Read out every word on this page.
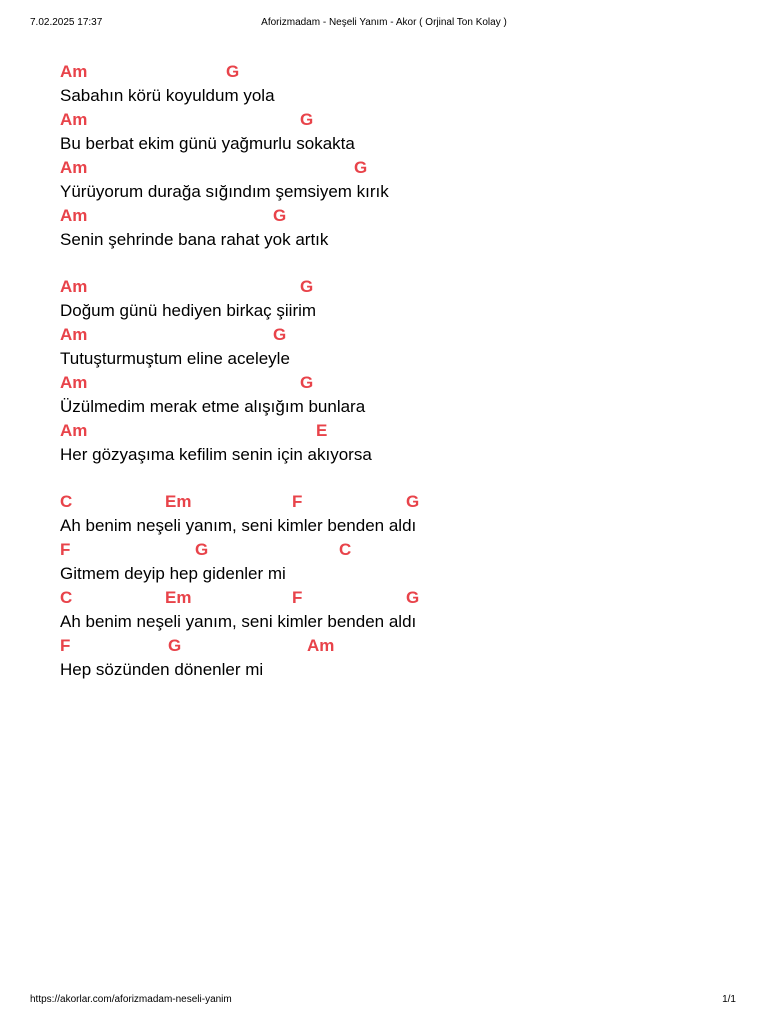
7.02.2025 17:37	Aforizmadam - Neşeli Yanım - Akor ( Orjinal Ton Kolay )
Am	G
Sabahın körü koyuldum yola
Am	G
Bu berbat ekim günü yağmurlu sokakta
Am	G
Yürüyorum durağa sığındım şemsiyem kırık
Am	G
Senin şehrinde bana rahat yok artık
Am	G
Doğum günü hediyen birkaç şiirim
Am	G
Tutuşturmuştum eline aceleyle
Am	G
Üzülmedim merak etme alışığım bunlara
Am	E
Her gözyaşıma kefilim senin için akıyorsa
C	Em	F	G
Ah benim neşeli yanım, seni kimler benden aldı
F	G	C
Gitmem deyip hep gidenler mi
C	Em	F	G
Ah benim neşeli yanım, seni kimler benden aldı
F	G	Am
Hep sözünden dönenler mi
https://akorlar.com/aforizmadam-neseli-yanim	1/1
